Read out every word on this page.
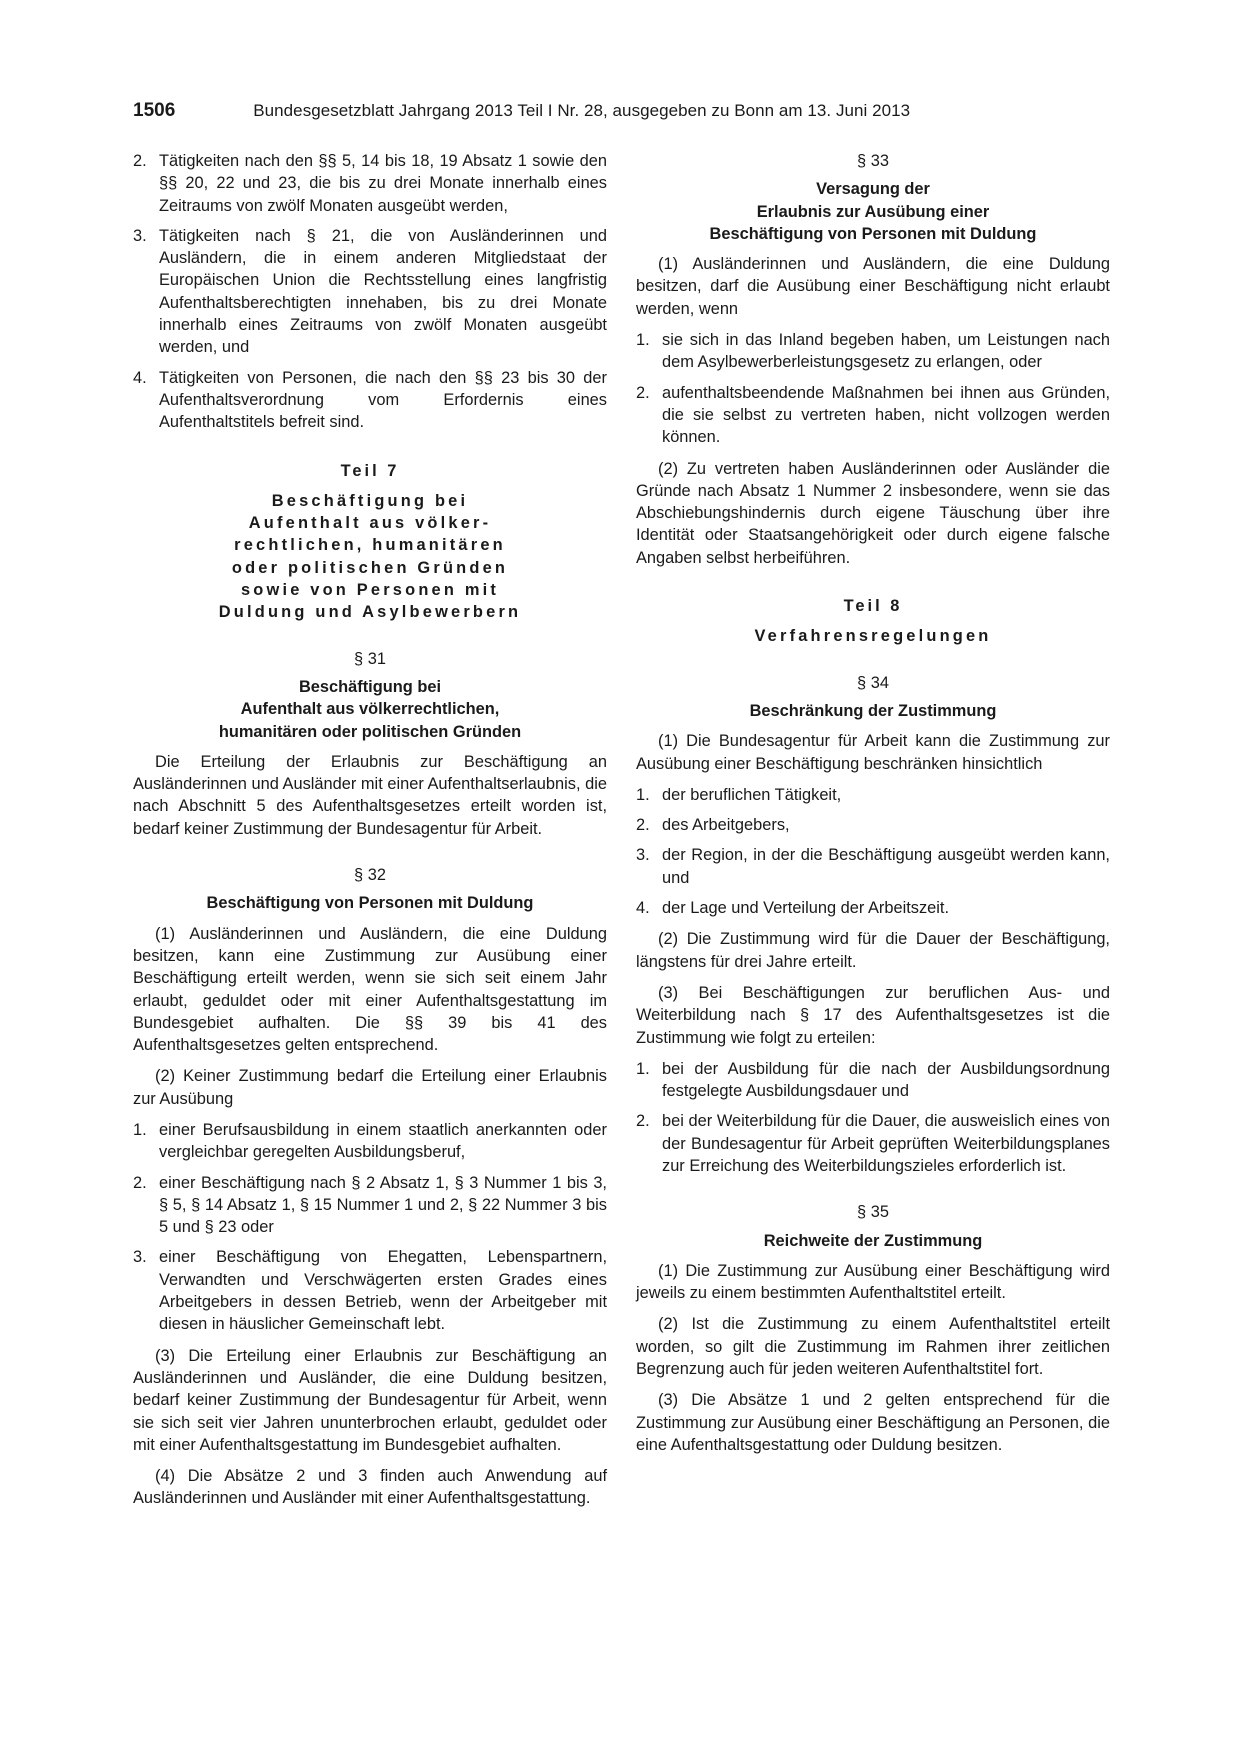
1506	Bundesgesetzblatt Jahrgang 2013 Teil I Nr. 28, ausgegeben zu Bonn am 13. Juni 2013
2. Tätigkeiten nach den §§ 5, 14 bis 18, 19 Absatz 1 sowie den §§ 20, 22 und 23, die bis zu drei Monate innerhalb eines Zeitraums von zwölf Monaten ausgeübt werden,
3. Tätigkeiten nach § 21, die von Ausländerinnen und Ausländern, die in einem anderen Mitgliedstaat der Europäischen Union die Rechtsstellung eines langfristig Aufenthaltsberechtigten innehaben, bis zu drei Monate innerhalb eines Zeitraums von zwölf Monaten ausgeübt werden, und
4. Tätigkeiten von Personen, die nach den §§ 23 bis 30 der Aufenthaltsverordnung vom Erfordernis eines Aufenthaltstitels befreit sind.
Teil 7
Beschäftigung bei
Aufenthalt aus völker-
rechtlichen, humanitären
oder politischen Gründen
sowie von Personen mit
Duldung und Asylbewerbern
§ 31
Beschäftigung bei
Aufenthalt aus völkerrechtlichen,
humanitären oder politischen Gründen

Die Erteilung der Erlaubnis zur Beschäftigung an Ausländerinnen und Ausländer mit einer Aufenthaltserlaubnis, die nach Abschnitt 5 des Aufenthaltsgesetzes erteilt worden ist, bedarf keiner Zustimmung der Bundesagentur für Arbeit.

§ 32
Beschäftigung von Personen mit Duldung

(1) Ausländerinnen und Ausländern, die eine Duldung besitzen, kann eine Zustimmung zur Ausübung einer Beschäftigung erteilt werden, wenn sie sich seit einem Jahr erlaubt, geduldet oder mit einer Aufenthaltsgestattung im Bundesgebiet aufhalten. Die §§ 39 bis 41 des Aufenthaltsgesetzes gelten entsprechend.

(2) Keiner Zustimmung bedarf die Erteilung einer Erlaubnis zur Ausübung

1. einer Berufsausbildung in einem staatlich anerkannten oder vergleichbar geregelten Ausbildungsberuf,
2. einer Beschäftigung nach § 2 Absatz 1, § 3 Nummer 1 bis 3, § 5, § 14 Absatz 1, § 15 Nummer 1 und 2, § 22 Nummer 3 bis 5 und § 23 oder
3. einer Beschäftigung von Ehegatten, Lebenspartnern, Verwandten und Verschwägerten ersten Grades eines Arbeitgebers in dessen Betrieb, wenn der Arbeitgeber mit diesen in häuslicher Gemeinschaft lebt.

(3) Die Erteilung einer Erlaubnis zur Beschäftigung an Ausländerinnen und Ausländer, die eine Duldung besitzen, bedarf keiner Zustimmung der Bundesagentur für Arbeit, wenn sie sich seit vier Jahren ununterbrochen erlaubt, geduldet oder mit einer Aufenthaltsgestattung im Bundesgebiet aufhalten.

(4) Die Absätze 2 und 3 finden auch Anwendung auf Ausländerinnen und Ausländer mit einer Aufenthaltsgestattung.

§ 33
Versagung der
Erlaubnis zur Ausübung einer
Beschäftigung von Personen mit Duldung

(1) Ausländerinnen und Ausländern, die eine Duldung besitzen, darf die Ausübung einer Beschäftigung nicht erlaubt werden, wenn

1. sie sich in das Inland begeben haben, um Leistungen nach dem Asylbewerberleistungsgesetz zu erlangen, oder
2. aufenthaltsbeendende Maßnahmen bei ihnen aus Gründen, die sie selbst zu vertreten haben, nicht vollzogen werden können.

(2) Zu vertreten haben Ausländerinnen oder Ausländer die Gründe nach Absatz 1 Nummer 2 insbesondere, wenn sie das Abschiebungshindernis durch eigene Täuschung über ihre Identität oder Staatsangehörigkeit oder durch eigene falsche Angaben selbst herbeiführen.

Teil 8
Verfahrensregelungen
§ 34
Beschränkung der Zustimmung

(1) Die Bundesagentur für Arbeit kann die Zustimmung zur Ausübung einer Beschäftigung beschränken hinsichtlich

1. der beruflichen Tätigkeit,
2. des Arbeitgebers,
3. der Region, in der die Beschäftigung ausgeübt werden kann, und
4. der Lage und Verteilung der Arbeitszeit.

(2) Die Zustimmung wird für die Dauer der Beschäftigung, längstens für drei Jahre erteilt.

(3) Bei Beschäftigungen zur beruflichen Aus- und Weiterbildung nach § 17 des Aufenthaltsgesetzes ist die Zustimmung wie folgt zu erteilen:

1. bei der Ausbildung für die nach der Ausbildungsordnung festgelegte Ausbildungsdauer und
2. bei der Weiterbildung für die Dauer, die ausweislich eines von der Bundesagentur für Arbeit geprüften Weiterbildungsplanes zur Erreichung des Weiterbildungszieles erforderlich ist.
§ 35
Reichweite der Zustimmung

(1) Die Zustimmung zur Ausübung einer Beschäftigung wird jeweils zu einem bestimmten Aufenthaltstitel erteilt.

(2) Ist die Zustimmung zu einem Aufenthaltstitel erteilt worden, so gilt die Zustimmung im Rahmen ihrer zeitlichen Begrenzung auch für jeden weiteren Aufenthaltstitel fort.

(3) Die Absätze 1 und 2 gelten entsprechend für die Zustimmung zur Ausübung einer Beschäftigung an Personen, die eine Aufenthaltsgestattung oder Duldung besitzen.
